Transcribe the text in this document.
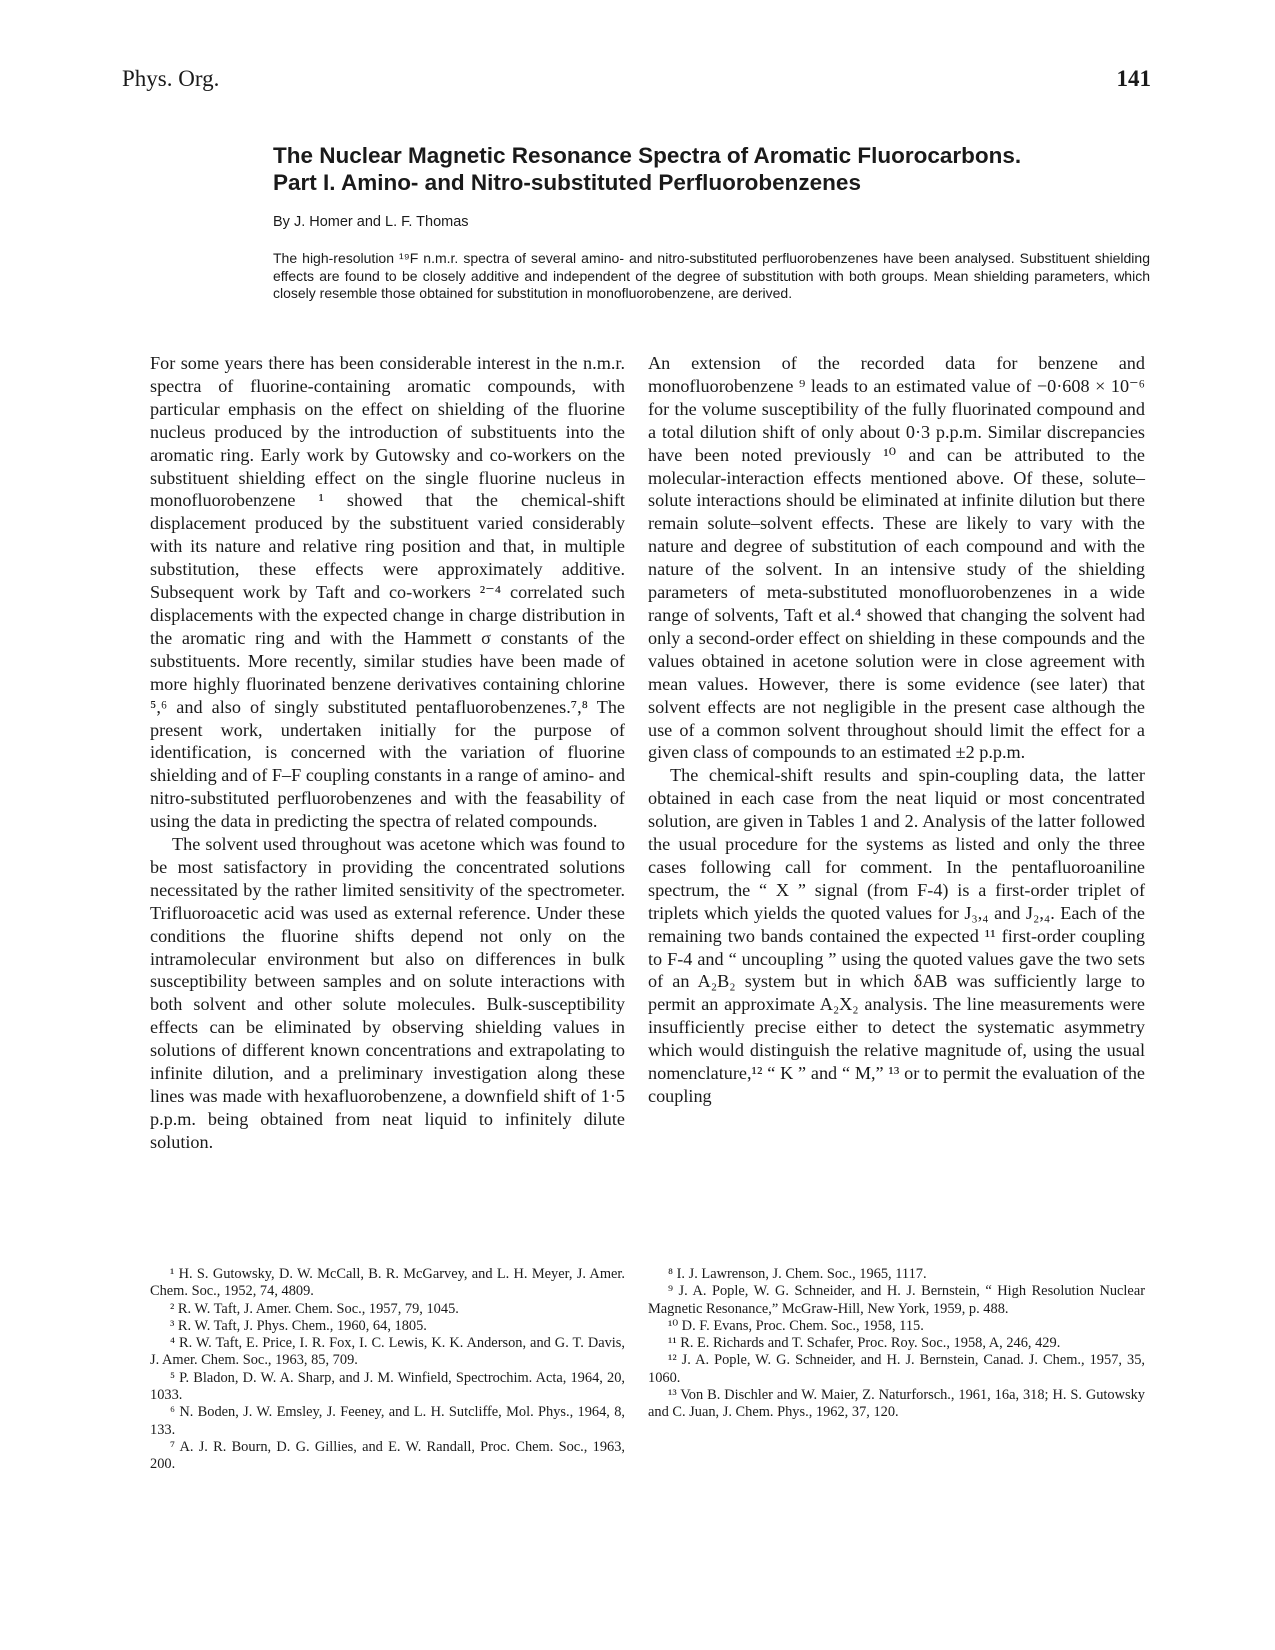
Phys. Org.	141
The Nuclear Magnetic Resonance Spectra of Aromatic Fluorocarbons.
Part I. Amino- and Nitro-substituted Perfluorobenzenes
By J. Homer and L. F. Thomas
The high-resolution ¹⁹F n.m.r. spectra of several amino- and nitro-substituted perfluorobenzenes have been analysed. Substituent shielding effects are found to be closely additive and independent of the degree of substitution with both groups. Mean shielding parameters, which closely resemble those obtained for substitution in monofluorobenzene, are derived.

For some years there has been considerable interest in the n.m.r. spectra of fluorine-containing aromatic compounds, with particular emphasis on the effect on shielding of the fluorine nucleus produced by the introduction of substituents into the aromatic ring. Early work by Gutowsky and co-workers on the substituent shielding effect on the single fluorine nucleus in monofluorobenzene ¹ showed that the chemical-shift displacement produced by the substituent varied considerably with its nature and relative ring position and that, in multiple substitution, these effects were approximately additive. Subsequent work by Taft and co-workers ²⁻⁴ correlated such displacements with the expected change in charge distribution in the aromatic ring and with the Hammett σ constants of the substituents. More recently, similar studies have been made of more highly fluorinated benzene derivatives containing chlorine ⁵,⁶ and also of singly substituted pentafluorobenzenes.⁷,⁸ The present work, undertaken initially for the purpose of identification, is concerned with the variation of fluorine shielding and of F–F coupling constants in a range of amino- and nitro-substituted perfluorobenzenes and with the feasability of using the data in predicting the spectra of related compounds.

The solvent used throughout was acetone which was found to be most satisfactory in providing the concentrated solutions necessitated by the rather limited sensitivity of the spectrometer. Trifluoroacetic acid was used as external reference. Under these conditions the fluorine shifts depend not only on the intramolecular environment but also on differences in bulk susceptibility between samples and on solute interactions with both solvent and other solute molecules. Bulk-susceptibility effects can be eliminated by observing shielding values in solutions of different known concentrations and extrapolating to infinite dilution, and a preliminary investigation along these lines was made with hexafluorobenzene, a downfield shift of 1·5 p.p.m. being obtained from neat liquid to infinitely dilute solution.

An extension of the recorded data for benzene and monofluorobenzene ⁹ leads to an estimated value of −0·608 × 10⁻⁶ for the volume susceptibility of the fully fluorinated compound and a total dilution shift of only about 0·3 p.p.m. Similar discrepancies have been noted previously ¹⁰ and can be attributed to the molecular-interaction effects mentioned above. Of these, solute–solute interactions should be eliminated at infinite dilution but there remain solute–solvent effects. These are likely to vary with the nature and degree of substitution of each compound and with the nature of the solvent. In an intensive study of the shielding parameters of meta-substituted monofluorobenzenes in a wide range of solvents, Taft et al.⁴ showed that changing the solvent had only a second-order effect on shielding in these compounds and the values obtained in acetone solution were in close agreement with mean values. However, there is some evidence (see later) that solvent effects are not negligible in the present case although the use of a common solvent throughout should limit the effect for a given class of compounds to an estimated ±2 p.p.m.

The chemical-shift results and spin-coupling data, the latter obtained in each case from the neat liquid or most concentrated solution, are given in Tables 1 and 2. Analysis of the latter followed the usual procedure for the systems as listed and only the three cases following call for comment. In the pentafluoroaniline spectrum, the “ X ” signal (from F-4) is a first-order triplet of triplets which yields the quoted values for J₃,₄ and J₂,₄. Each of the remaining two bands contained the expected ¹¹ first-order coupling to F-4 and “ uncoupling ” using the quoted values gave the two sets of an A₂B₂ system but in which δAB was sufficiently large to permit an approximate A₂X₂ analysis. The line measurements were insufficiently precise either to detect the systematic asymmetry which would distinguish the relative magnitude of, using the usual nomenclature,¹² “ K ” and “ M,” ¹³ or to permit the evaluation of the coupling

¹ H. S. Gutowsky, D. W. McCall, B. R. McGarvey, and L. H. Meyer, J. Amer. Chem. Soc., 1952, 74, 4809.
² R. W. Taft, J. Amer. Chem. Soc., 1957, 79, 1045.
³ R. W. Taft, J. Phys. Chem., 1960, 64, 1805.
⁴ R. W. Taft, E. Price, I. R. Fox, I. C. Lewis, K. K. Anderson, and G. T. Davis, J. Amer. Chem. Soc., 1963, 85, 709.
⁵ P. Bladon, D. W. A. Sharp, and J. M. Winfield, Spectrochim. Acta, 1964, 20, 1033.
⁶ N. Boden, J. W. Emsley, J. Feeney, and L. H. Sutcliffe, Mol. Phys., 1964, 8, 133.
⁷ A. J. R. Bourn, D. G. Gillies, and E. W. Randall, Proc. Chem. Soc., 1963, 200.
⁸ I. J. Lawrenson, J. Chem. Soc., 1965, 1117.
⁹ J. A. Pople, W. G. Schneider, and H. J. Bernstein, “ High Resolution Nuclear Magnetic Resonance,” McGraw-Hill, New York, 1959, p. 488.
¹⁰ D. F. Evans, Proc. Chem. Soc., 1958, 115.
¹¹ R. E. Richards and T. Schafer, Proc. Roy. Soc., 1958, A, 246, 429.
¹² J. A. Pople, W. G. Schneider, and H. J. Bernstein, Canad. J. Chem., 1957, 35, 1060.
¹³ Von B. Dischler and W. Maier, Z. Naturforsch., 1961, 16a, 318; H. S. Gutowsky and C. Juan, J. Chem. Phys., 1962, 37, 120.
